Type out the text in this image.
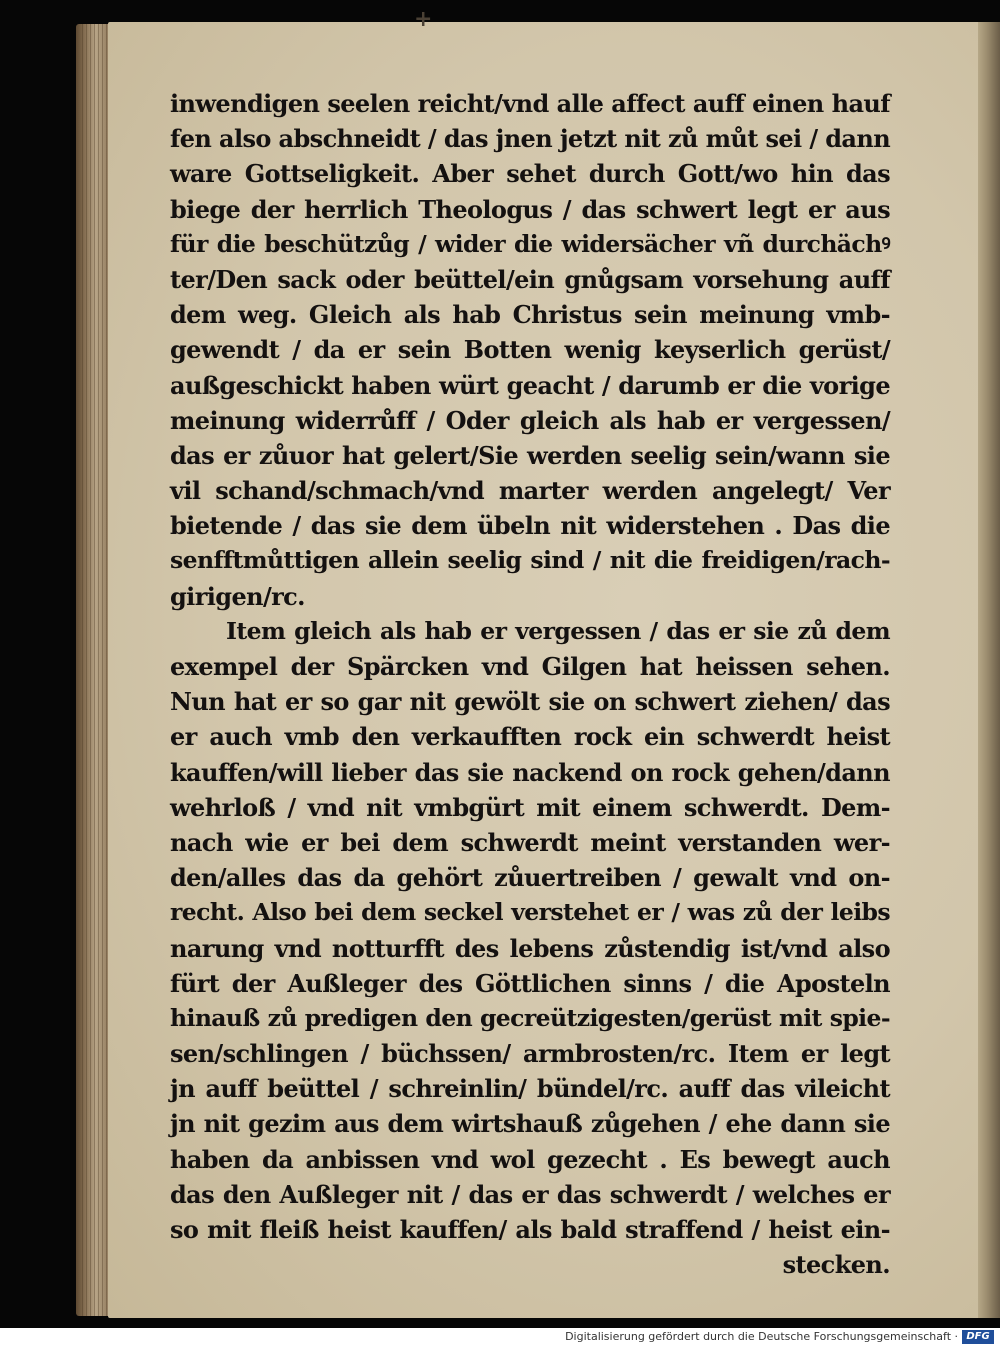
+
inwendigen seelen reicht/vnd alle affect auff einen hauf
fen also abschneidt / das jnen jetzt nit zů můt sei / dann
ware Gottseligkeit. Aber sehet durch Gott/wo hin das
biege der herrlich Theologus / das schwert legt er aus
für die beschützůg / wider die widersächer vñ durchächꝰ
ter/Den sack oder beüttel/ein gnůgsam vorsehung auff
dem weg. Gleich als hab Christus sein meinung vmb-
gewendt / da er sein Botten wenig keyserlich gerüst/
außgeschickt haben würt geacht / darumb er die vorige
meinung widerrůff / Oder gleich als hab er vergessen/
das er zůuor hat gelert/Sie werden seelig sein/wann sie
vil schand/schmach/vnd marter werden angelegt/ Ver
bietende / das sie dem übeln nit widerstehen . Das die
senfftmůttigen allein seelig sind / nit die freidigen/rach-
girigen/rc.
Item gleich als hab er vergessen / das er sie zů dem
exempel der Spärcken vnd Gilgen hat heissen sehen.
Nun hat er so gar nit gewölt sie on schwert ziehen/ das
er auch vmb den verkaufften rock ein schwerdt heist
kauffen/will lieber das sie nackend on rock gehen/dann
wehrloß / vnd nit vmbgürt mit einem schwerdt. Dem-
nach wie er bei dem schwerdt meint verstanden wer-
den/alles das da gehört zůuertreiben / gewalt vnd on-
recht. Also bei dem seckel verstehet er / was zů der leibs
narung vnd notturfft des lebens zůstendig ist/vnd also
fürt der Außleger des Göttlichen sinns / die Aposteln
hinauß zů predigen den gecreützigesten/gerüst mit spie-
sen/schlingen / büchssen/ armbrosten/rc. Item er legt
jn auff beüttel / schreinlin/ bündel/rc. auff das vileicht
jn nit gezim aus dem wirtshauß zůgehen / ehe dann sie
haben da anbissen vnd wol gezecht . Es bewegt auch
das den Außleger nit / das er das schwerdt / welches er
so mit fleiß heist kauffen/ als bald straffend / heist ein-
stecken.
Digitalisierung gefördert durch die Deutsche Forschungsgemeinschaft · DFG
